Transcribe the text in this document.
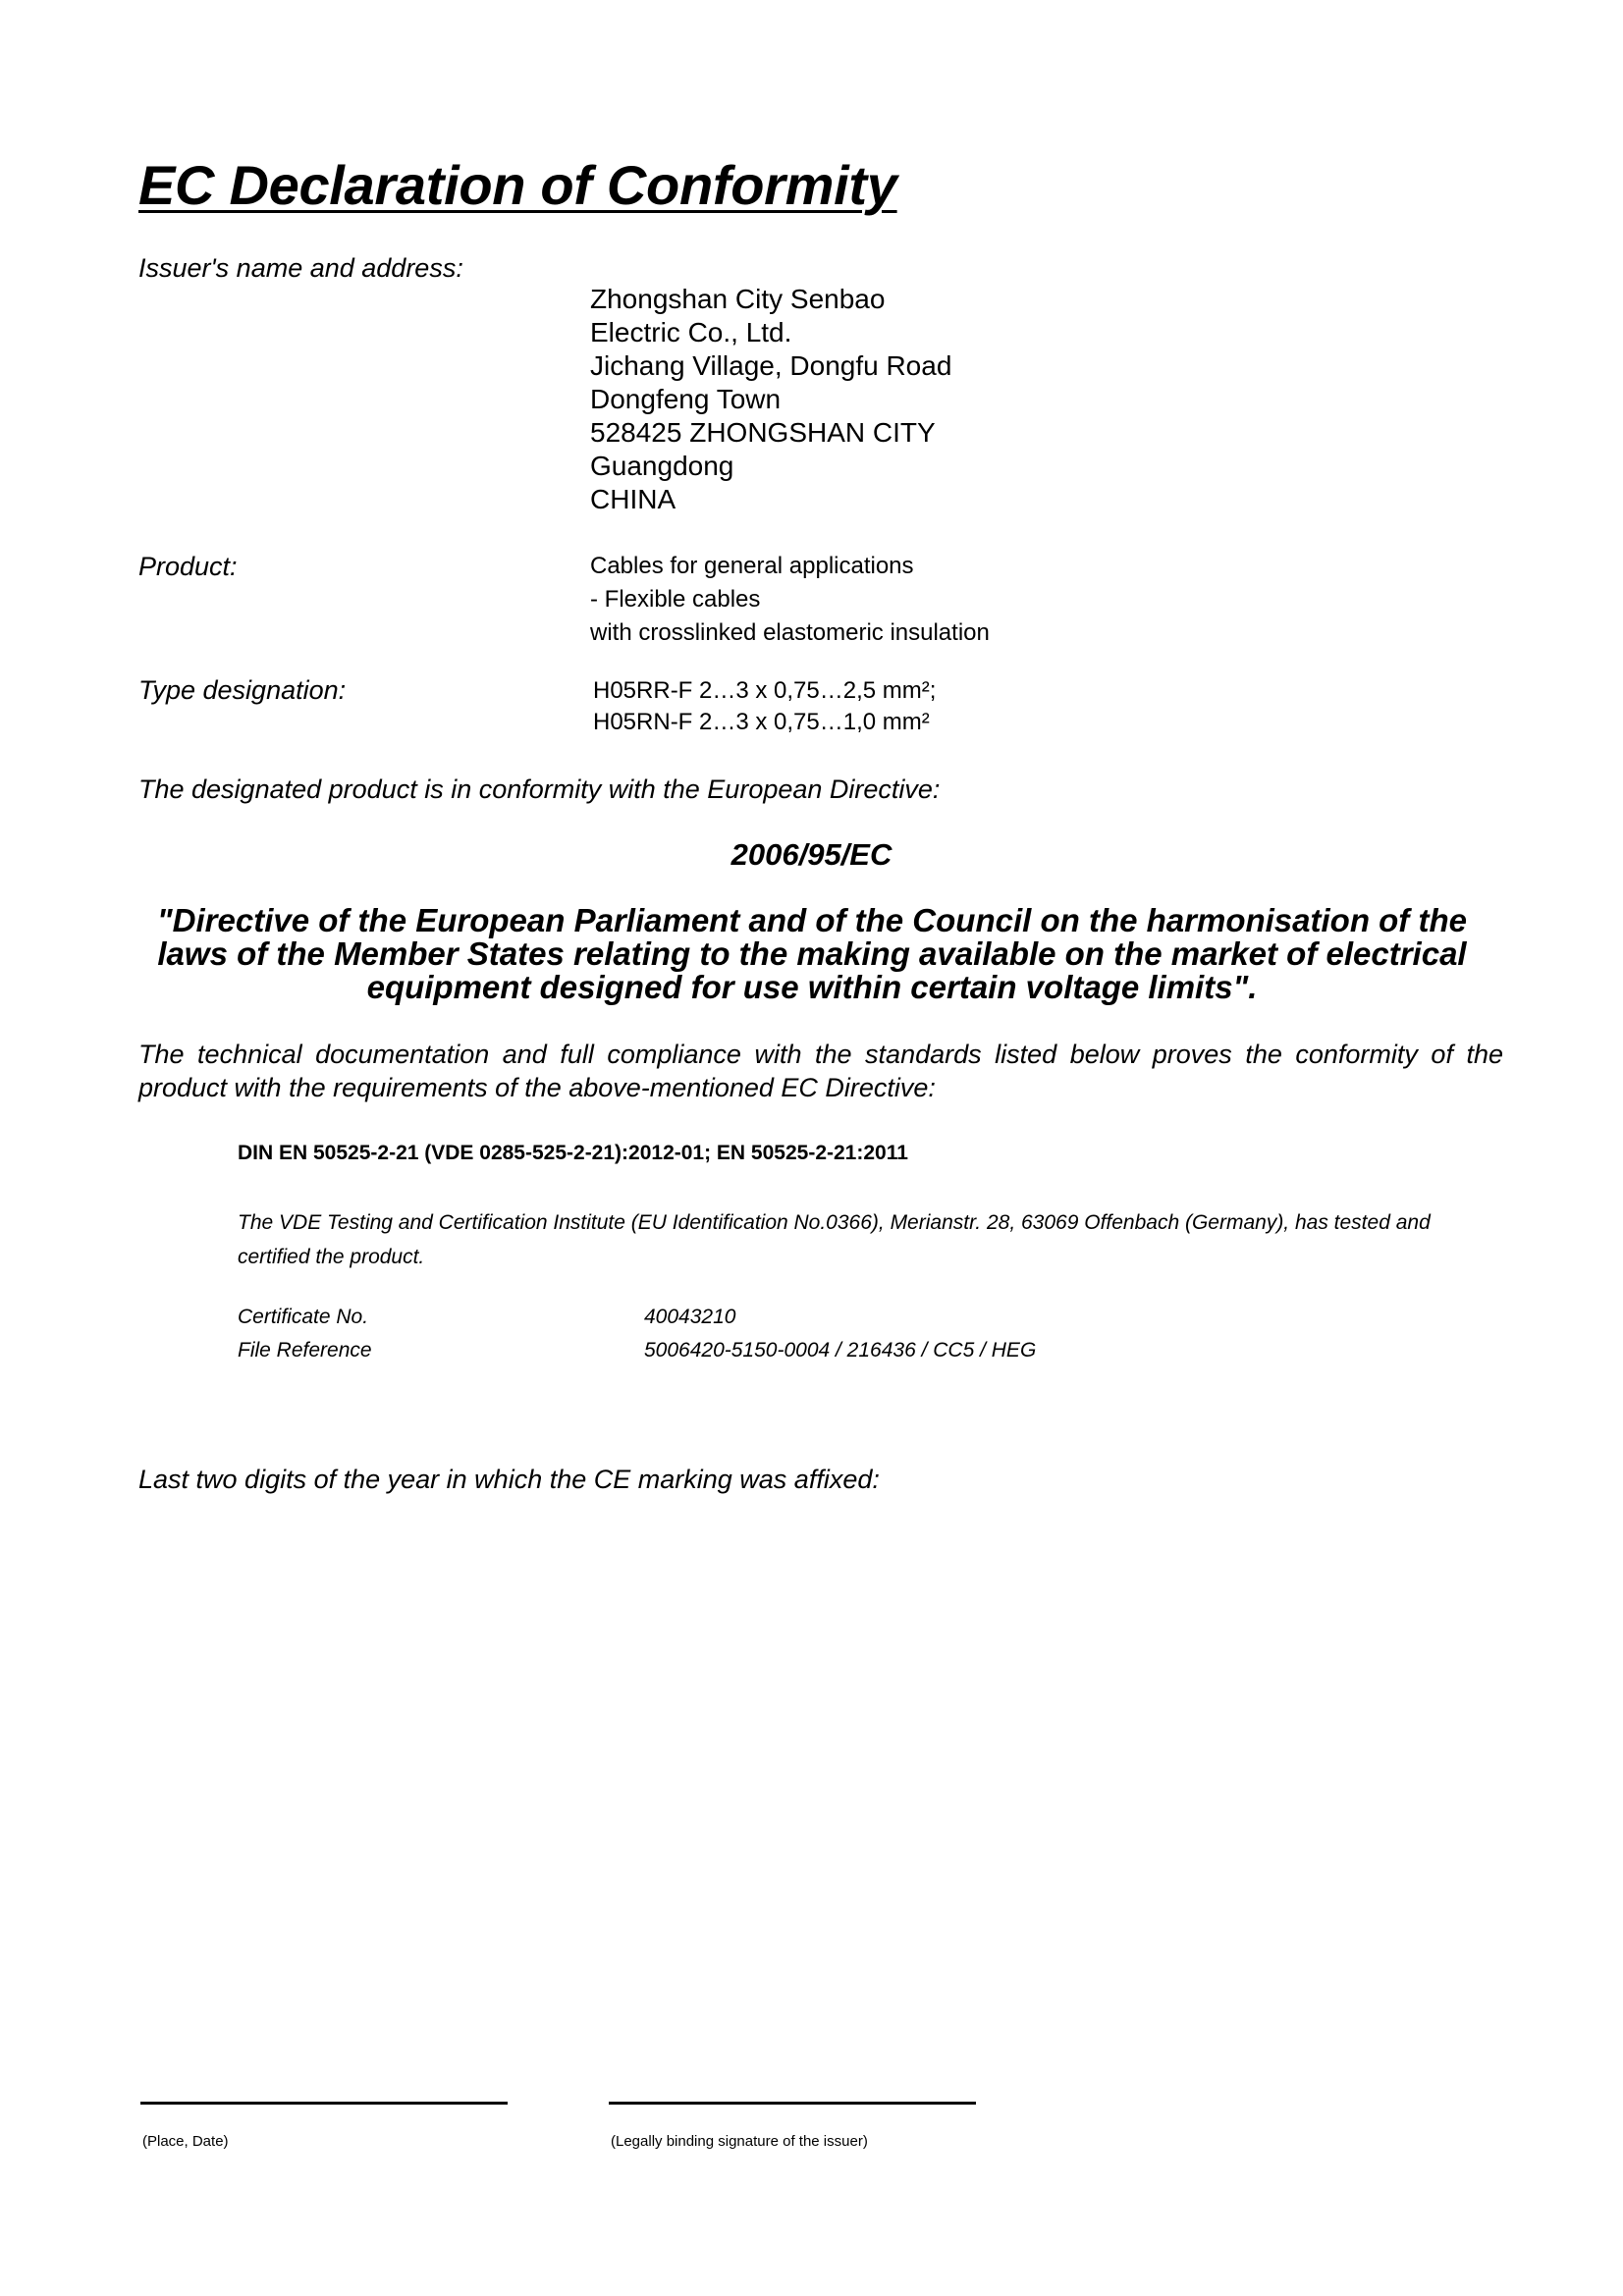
EC Declaration of Conformity
Issuer's name and address:
Zhongshan City Senbao
Electric Co., Ltd.
Jichang Village, Dongfu Road
Dongfeng Town
528425 ZHONGSHAN CITY
Guangdong
CHINA
Product:	Cables for general applications
- Flexible cables
with crosslinked elastomeric insulation
Type designation:	H05RR-F 2…3 x 0,75…2,5 mm²;
H05RN-F 2…3 x 0,75…1,0 mm²
The designated product is in conformity with the European Directive:
2006/95/EC
"Directive of the European Parliament and of the Council on the harmonisation of the laws of the Member States relating to the making available on the market of electrical equipment designed for use within certain voltage limits".
The technical documentation and full compliance with the standards listed below proves the conformity of the product with the requirements of the above-mentioned EC Directive:
DIN EN 50525-2-21 (VDE 0285-525-2-21):2012-01; EN 50525-2-21:2011
The VDE Testing and Certification Institute (EU Identification No.0366), Merianstr. 28, 63069 Offenbach (Germany), has tested and certified the product.
Certificate No.	40043210
File Reference	5006420-5150-0004 / 216436 / CC5 / HEG
Last two digits of the year in which the CE marking was affixed:
(Place, Date)	(Legally binding signature of the issuer)
